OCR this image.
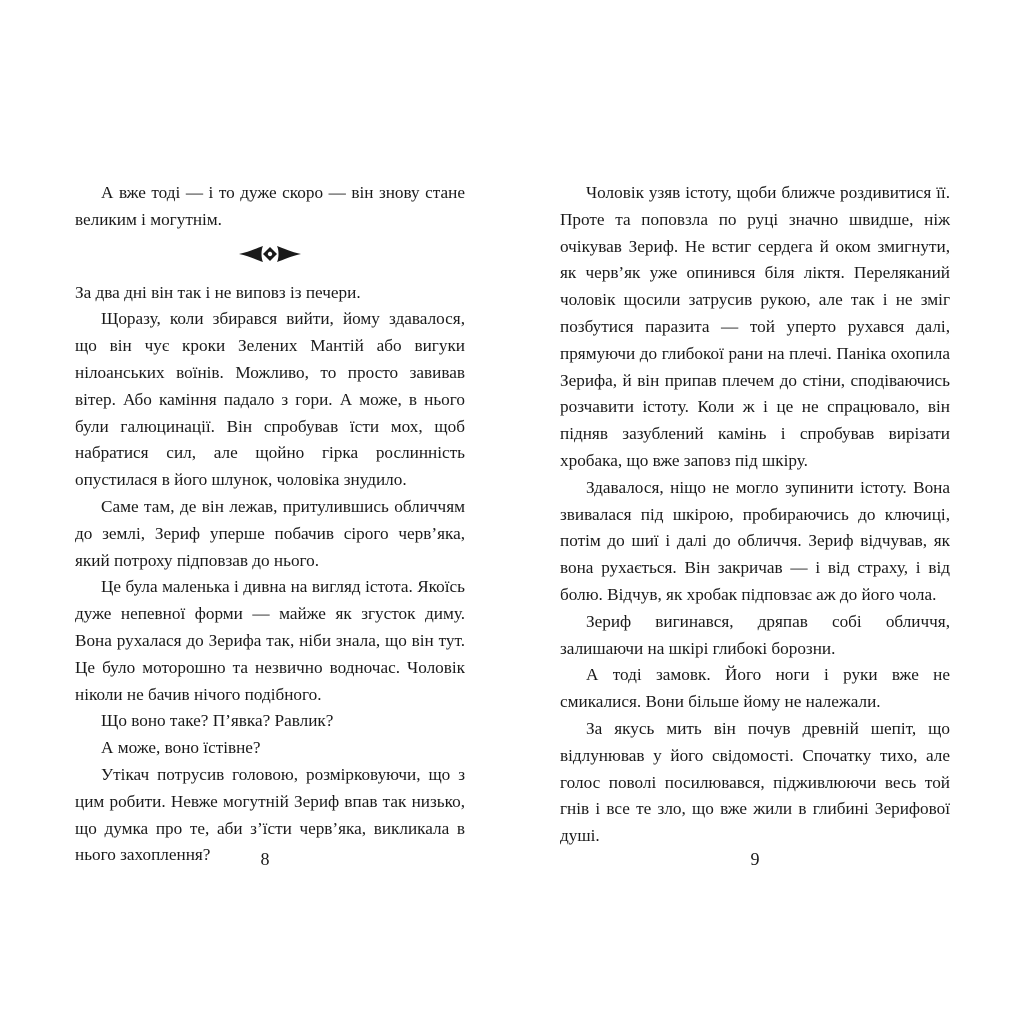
А вже тоді — і то дуже скоро — він знову стане великим і могутнім.

За два дні він так і не виповз із печери.

Щоразу, коли збирався вийти, йому здавалося, що він чує кроки Зелених Мантій або вигуки нілоанських воїнів. Можливо, то просто завивав вітер. Або каміння падало з гори. А може, в нього були галюцинації. Він спробував їсти мох, щоб набратися сил, але щойно гірка рослинність опустилася в його шлунок, чоловіка знудило.

Саме там, де він лежав, притулившись обличчям до землі, Зериф уперше побачив сірого черв’яка, який потроху підповзав до нього.

Це була маленька і дивна на вигляд істота. Якоїсь дуже непевної форми — майже як згусток диму. Вона рухалася до Зерифа так, ніби знала, що він тут. Це було моторошно та незвично водночас. Чоловік ніколи не бачив нічого подібного.

Що воно таке? П’явка? Равлик?

А може, воно їстівне?

Утікач потрусив головою, розмірковуючи, що з цим робити. Невже могутній Зериф впав так низько, що думка про те, аби з’їсти черв’яка, викликала в нього захоплення?	8

Чоловік узяв істоту, щоби ближче роздивитися її. Проте та поповзла по руці значно швидше, ніж очікував Зериф. Не встиг сердега й оком змигнути, як черв’як уже опинився біля ліктя. Переляканий чоловік щосили затрусив рукою, але так і не зміг позбутися паразита — той уперто рухався далі, прямуючи до глибокої рани на плечі. Паніка охопила Зерифа, й він припав плечем до стіни, сподіваючись розчавити істоту. Коли ж і це не спрацювало, він підняв зазублений камінь і спробував вирізати хробака, що вже заповз під шкіру.

Здавалося, ніщо не могло зупинити істоту. Вона звивалася під шкірою, пробираючись до ключиці, потім до шиї і далі до обличчя. Зериф відчував, як вона рухається. Він закричав — і від страху, і від болю. Відчув, як хробак підповзає аж до його чола.

Зериф вигинався, дряпав собі обличчя, залишаючи на шкірі глибокі борозни.

А тоді замовк. Його ноги і руки вже не смикалися. Вони більше йому не належали.

За якусь мить він почув древній шепіт, що відлунював у його свідомості. Спочатку тихо, але голос поволі посилювався, підживлюючи весь той гнів і все те зло, що вже жили в глибині Зерифової душі.

9
